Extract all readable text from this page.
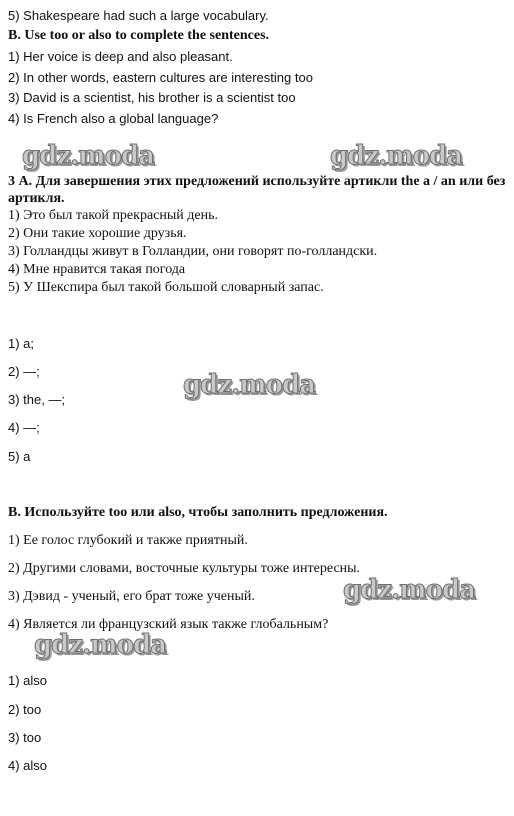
5) Shakespeare had such a large vocabulary.
B. Use too or also to complete the sentences.
1) Her voice is deep and also pleasant.
2) In other words, eastern cultures are interesting too
3) David is a scientist, his brother is a scientist too
4) Is French also a global language?
3 А. Для завершения этих предложений используйте артикли the a / an или без артикля.
1) Это был такой прекрасный день.
2) Они такие хорошие друзья.
3) Голландцы живут в Голландии, они говорят по-голландски.
4) Мне нравится такая погода
5) У Шекспира был такой большой словарный запас.
1) a;
2) —;
3) the, —;
4) —;
5) a
В. Используйте too или also, чтобы заполнить предложения.
1) Ее голос глубокий и также приятный.
2) Другими словами, восточные культуры тоже интересны.
3) Дэвид - ученый, его брат тоже ученый.
4) Является ли французский язык также глобальным?
1) also
2) too
3) too
4) also
gdz.moda	gdz.moda
gdz.moda
gdz.moda
gdz.moda
